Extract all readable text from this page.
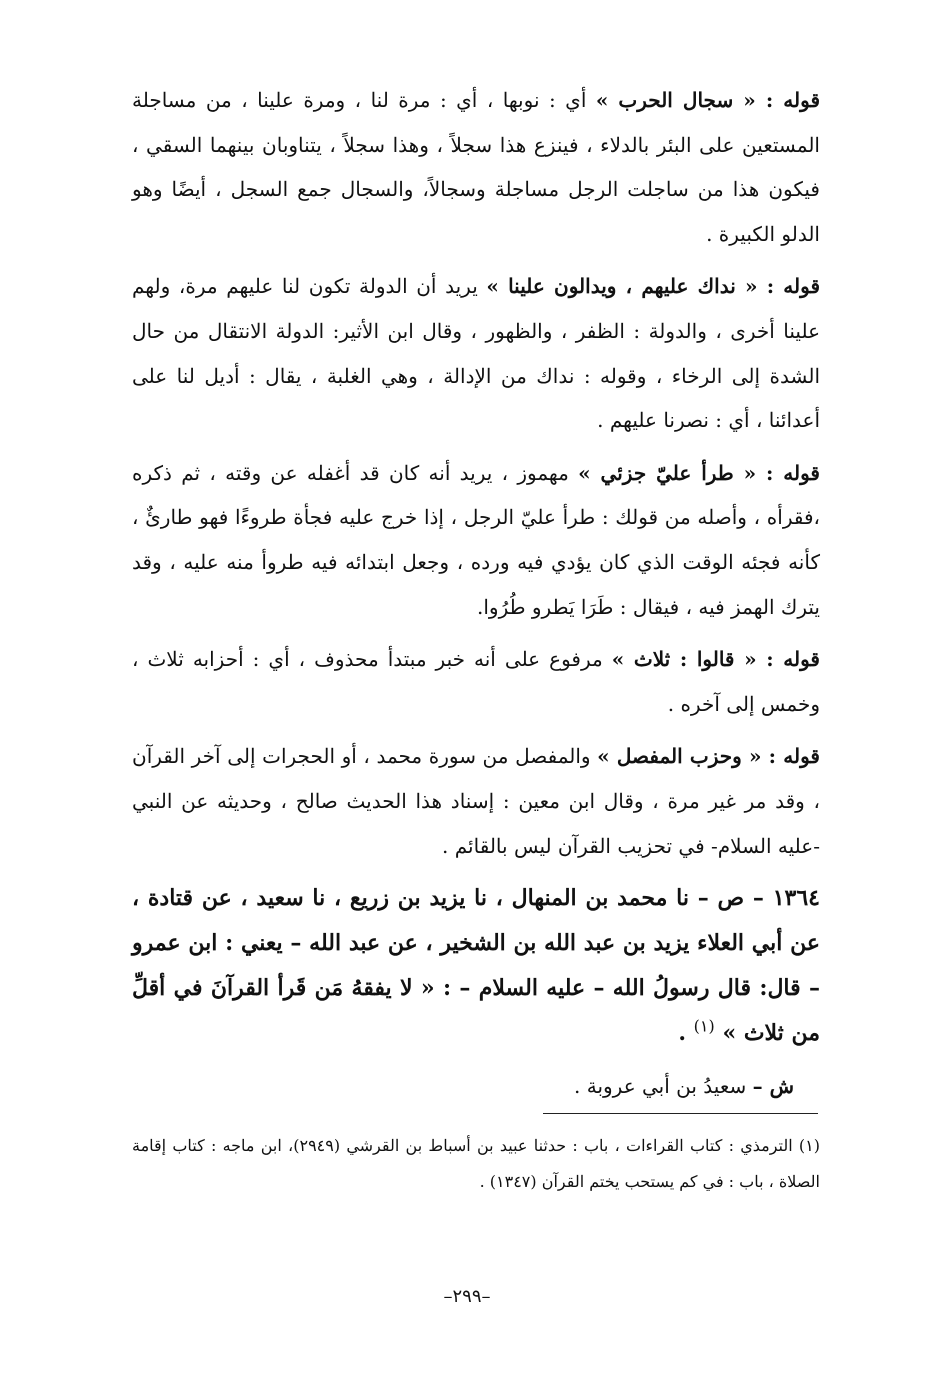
قوله : « سجال الحرب » أي : نوبها ، أي : مرة لنا ، ومرة علينا ، من مساجلة المستعين على البئر بالدلاء ، فينزع هذا سجلاً ، وهذا سجلاً ، يتناوبان بينهما السقي ، فيكون هذا من ساجلت الرجل مساجلة وسجالاً، والسجال جمع السجل ، أيضًا وهو الدلو الكبيرة .

قوله : « نداك عليهم ، ويدالون علينا » يريد أن الدولة تكون لنا عليهم مرة، ولهم علينا أخرى ، والدولة : الظفر ، والظهور ، وقال ابن الأثير: الدولة الانتقال من حال الشدة إلى الرخاء ، وقوله : نداك من الإدالة ، وهي الغلبة ، يقال : أديل لنا على أعدائنا ، أي : نصرنا عليهم .

قوله : « طرأ عليّ جزئي » مهموز ، يريد أنه كان قد أغفله عن وقته ، ثم ذكره ،فقرأه ، وأصله من قولك : طرأ عليّ الرجل ، إذا خرج عليه فجأة طروءًا فهو طارئٌ ، كأنه فجئه الوقت الذي كان يؤدي فيه ورده ، وجعل ابتدائه فيه طروأ منه عليه ، وقد يترك الهمز فيه ، فيقال : طَرَا يَطرو طُرُوا.

قوله : « قالوا : ثلاث » مرفوع على أنه خبر مبتدأ محذوف ، أي : أحزابه ثلاث ، وخمس إلى آخره .

قوله : « وحزب المفصل » والمفصل من سورة محمد ، أو الحجرات إلى آخر القرآن ، وقد مر غير مرة ، وقال ابن معين : إسناد هذا الحديث صالح ، وحديثه عن النبي -عليه السلام- في تحزيب القرآن ليس بالقائم .

١٣٦٤ – ص – نا محمد بن المنهال ، نا يزيد بن زريع ، نا سعيد ، عن قتادة ، عن أبي العلاء يزيد بن عبد الله بن الشخير ، عن عبد الله – يعني : ابن عمرو – قال: قال رسولُ الله – عليه السلام – : « لا يفقهُ مَن قَرأ القرآنَ في أقلِّ من ثلاث » $^{(١)}$ .

ش – سعيدُ بن أبي عروبة .

(١) الترمذي : كتاب القراءات ، باب : حدثنا عبيد بن أسباط بن القرشي (٢٩٤٩)، ابن ماجه : كتاب إقامة الصلاة ، باب : في كم يستحب يختم القرآن (١٣٤٧) .
–٢٩٩–
